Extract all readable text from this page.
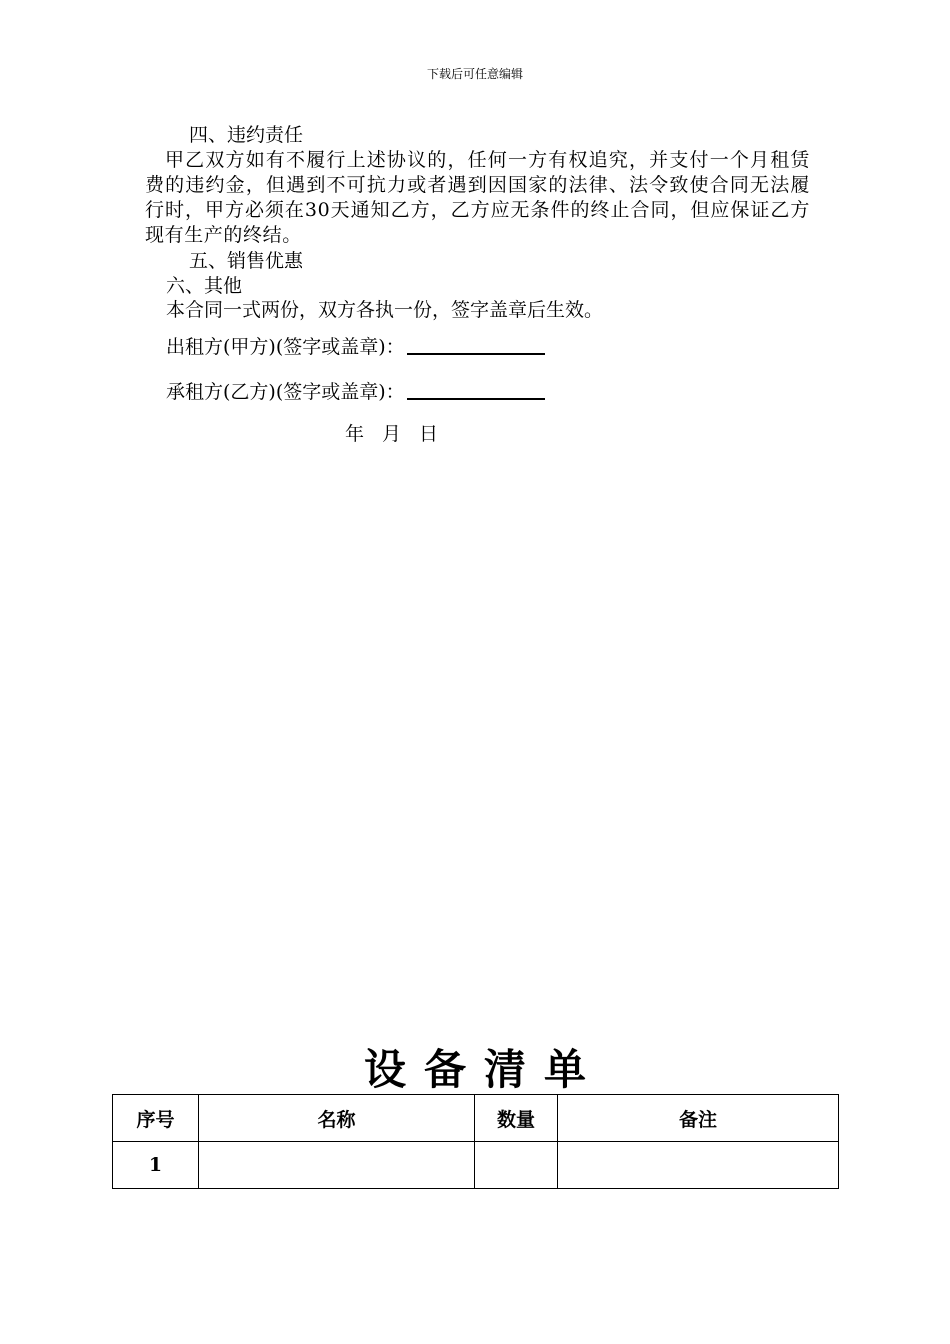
下载后可任意编辑

四、违约责任

甲乙双方如有不履行上述协议的，任何一方有权追究，并支付一个月租赁费的违约金，但遇到不可抗力或者遇到因国家的法律、法令致使合同无法履行时，甲方必须在30天通知乙方，乙方应无条件的终止合同，但应保证乙方现有生产的终结。

五、销售优惠

六、其他

本合同一式两份，双方各执一份，签字盖章后生效。

出租方(甲方)(签字或盖章)：
承租方(乙方)(签字或盖章)：
年 月 日
设备清单
序号	名称	数量	备注
1			
